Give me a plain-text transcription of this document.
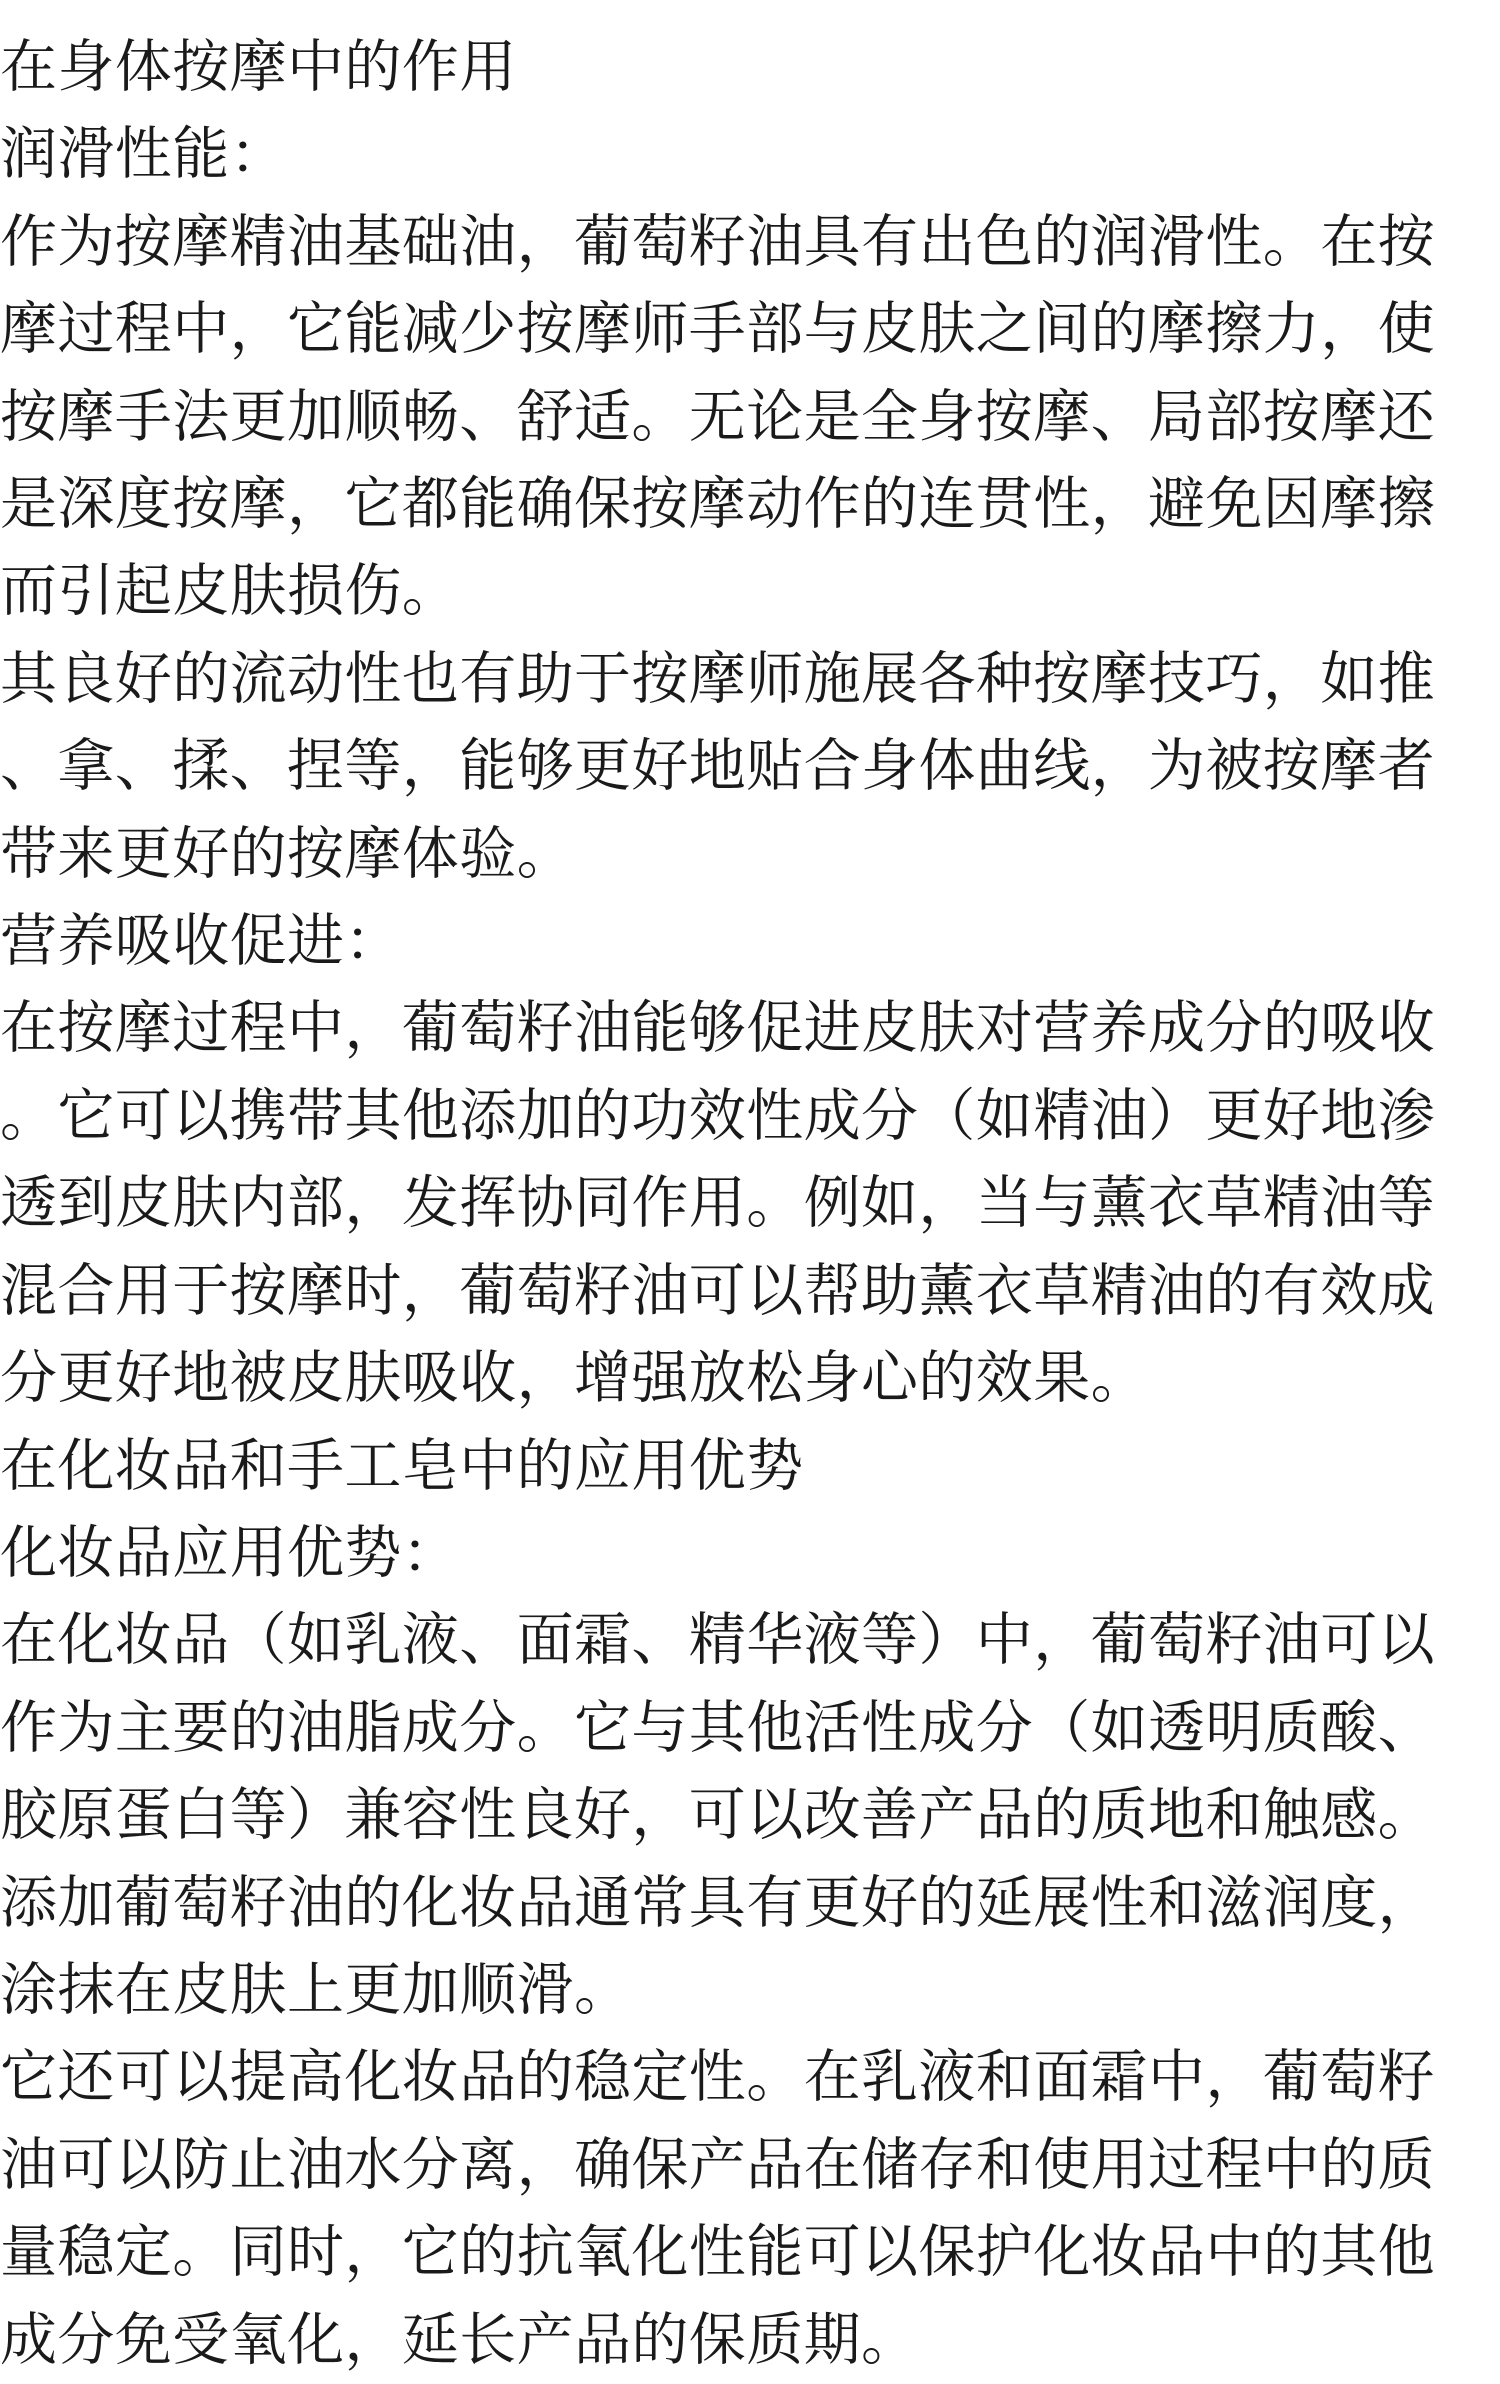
在身体按摩中的作用

润滑性能：

作为按摩精油基础油，葡萄籽油具有出色的润滑性。在按

摩过程中，它能减少按摩师手部与皮肤之间的摩擦力，使

按摩手法更加顺畅、舒适。无论是全身按摩、局部按摩还

是深度按摩，它都能确保按摩动作的连贯性，避免因摩擦

而引起皮肤损伤。

其良好的流动性也有助于按摩师施展各种按摩技巧，如推

、拿、揉、捏等，能够更好地贴合身体曲线，为被按摩者

带来更好的按摩体验。

营养吸收促进：

在按摩过程中，葡萄籽油能够促进皮肤对营养成分的吸收

。它可以携带其他添加的功效性成分（如精油）更好地渗

透到皮肤内部，发挥协同作用。例如，当与薰衣草精油等

混合用于按摩时，葡萄籽油可以帮助薰衣草精油的有效成

分更好地被皮肤吸收，增强放松身心的效果。

在化妆品和手工皂中的应用优势

化妆品应用优势：

在化妆品（如乳液、面霜、精华液等）中，葡萄籽油可以

作为主要的油脂成分。它与其他活性成分（如透明质酸、

胶原蛋白等）兼容性良好，可以改善产品的质地和触感。

添加葡萄籽油的化妆品通常具有更好的延展性和滋润度，

涂抹在皮肤上更加顺滑。

它还可以提高化妆品的稳定性。在乳液和面霜中，葡萄籽

油可以防止油水分离，确保产品在储存和使用过程中的质

量稳定。同时，它的抗氧化性能可以保护化妆品中的其他

成分免受氧化，延长产品的保质期。
